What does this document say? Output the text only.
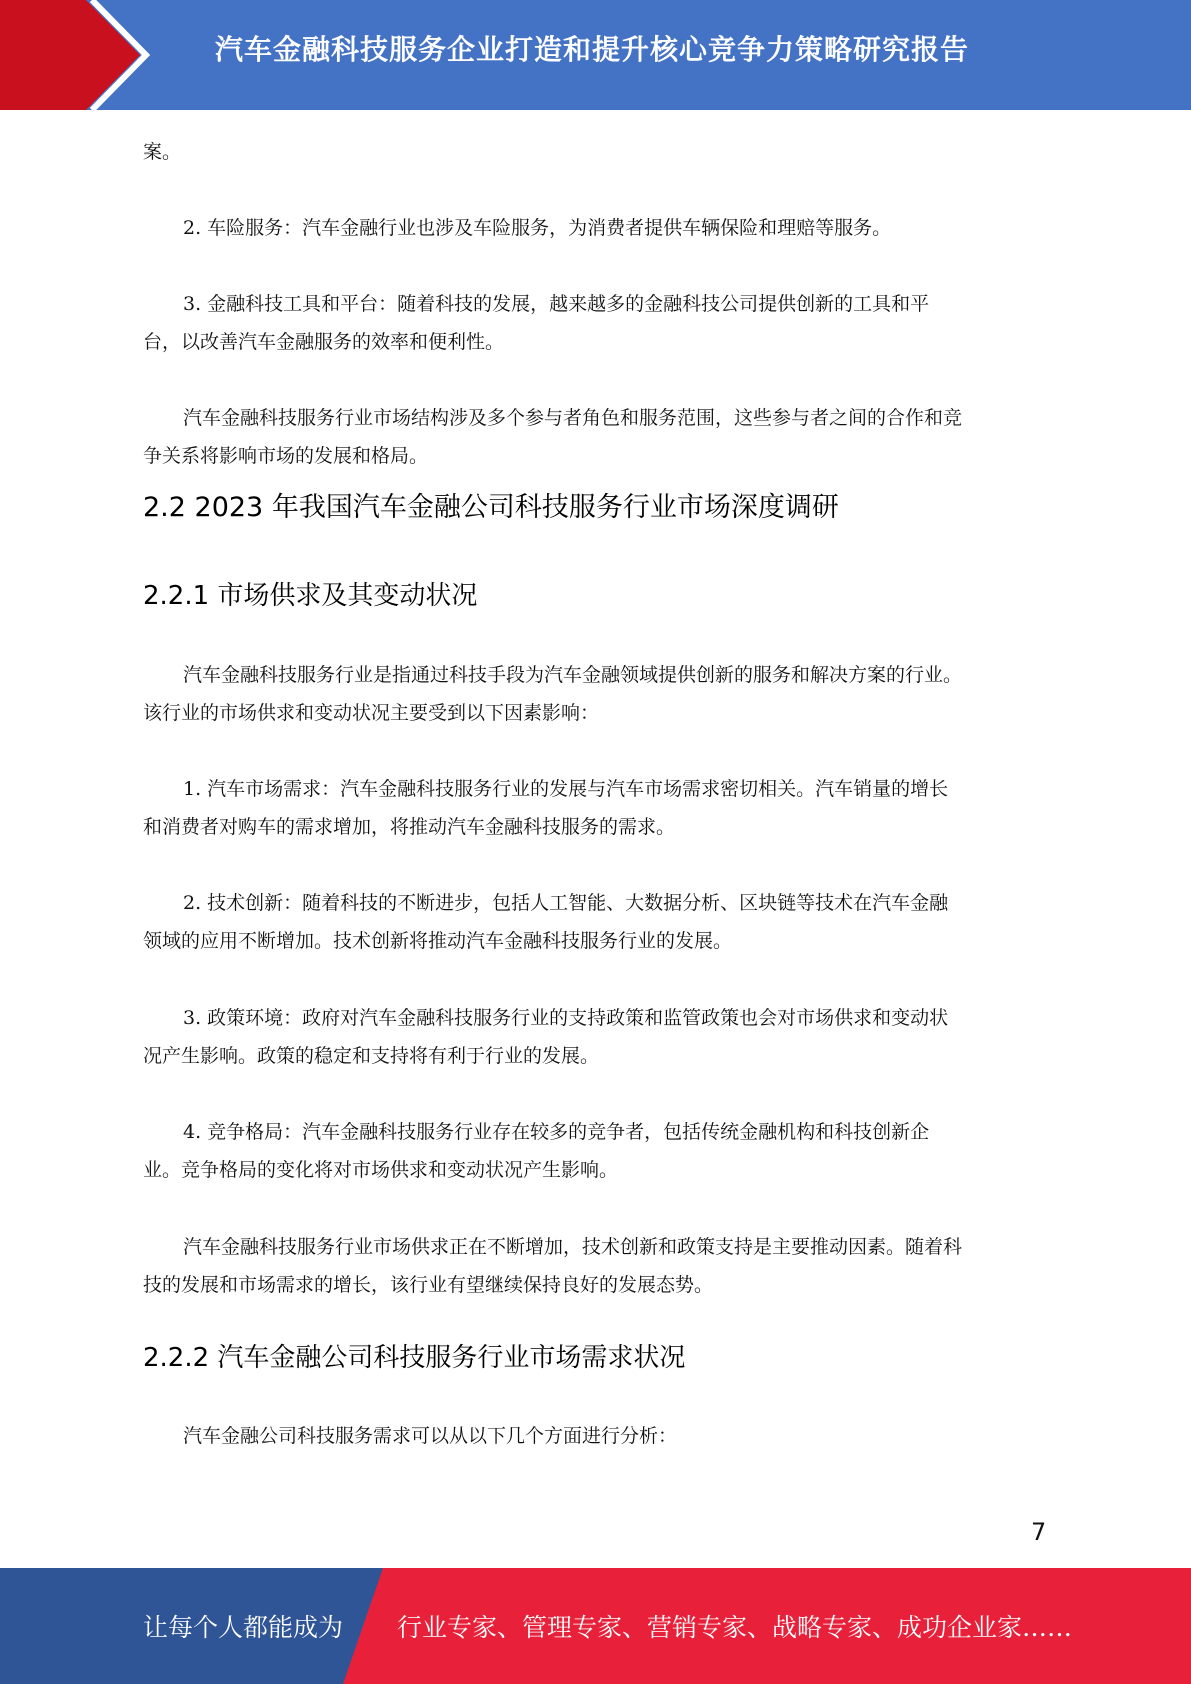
汽车金融科技服务企业打造和提升核心竞争力策略研究报告
案。
2. 车险服务：汽车金融行业也涉及车险服务，为消费者提供车辆保险和理赔等服务。
3. 金融科技工具和平台：随着科技的发展，越来越多的金融科技公司提供创新的工具和平
台，以改善汽车金融服务的效率和便利性。
汽车金融科技服务行业市场结构涉及多个参与者角色和服务范围，这些参与者之间的合作和竞
争关系将影响市场的发展和格局。
2.2 2023 年我国汽车金融公司科技服务行业市场深度调研
2.2.1 市场供求及其变动状况
汽车金融科技服务行业是指通过科技手段为汽车金融领域提供创新的服务和解决方案的行业。
该行业的市场供求和变动状况主要受到以下因素影响：
1. 汽车市场需求：汽车金融科技服务行业的发展与汽车市场需求密切相关。汽车销量的增长
和消费者对购车的需求增加，将推动汽车金融科技服务的需求。
2. 技术创新：随着科技的不断进步，包括人工智能、大数据分析、区块链等技术在汽车金融
领域的应用不断增加。技术创新将推动汽车金融科技服务行业的发展。
3. 政策环境：政府对汽车金融科技服务行业的支持政策和监管政策也会对市场供求和变动状
况产生影响。政策的稳定和支持将有利于行业的发展。
4. 竞争格局：汽车金融科技服务行业存在较多的竞争者，包括传统金融机构和科技创新企
业。竞争格局的变化将对市场供求和变动状况产生影响。
汽车金融科技服务行业市场供求正在不断增加，技术创新和政策支持是主要推动因素。随着科
技的发展和市场需求的增长，该行业有望继续保持良好的发展态势。
2.2.2 汽车金融公司科技服务行业市场需求状况
汽车金融公司科技服务需求可以从以下几个方面进行分析：
7
让每个人都能成为 行业专家、管理专家、营销专家、战略专家、成功企业家……
